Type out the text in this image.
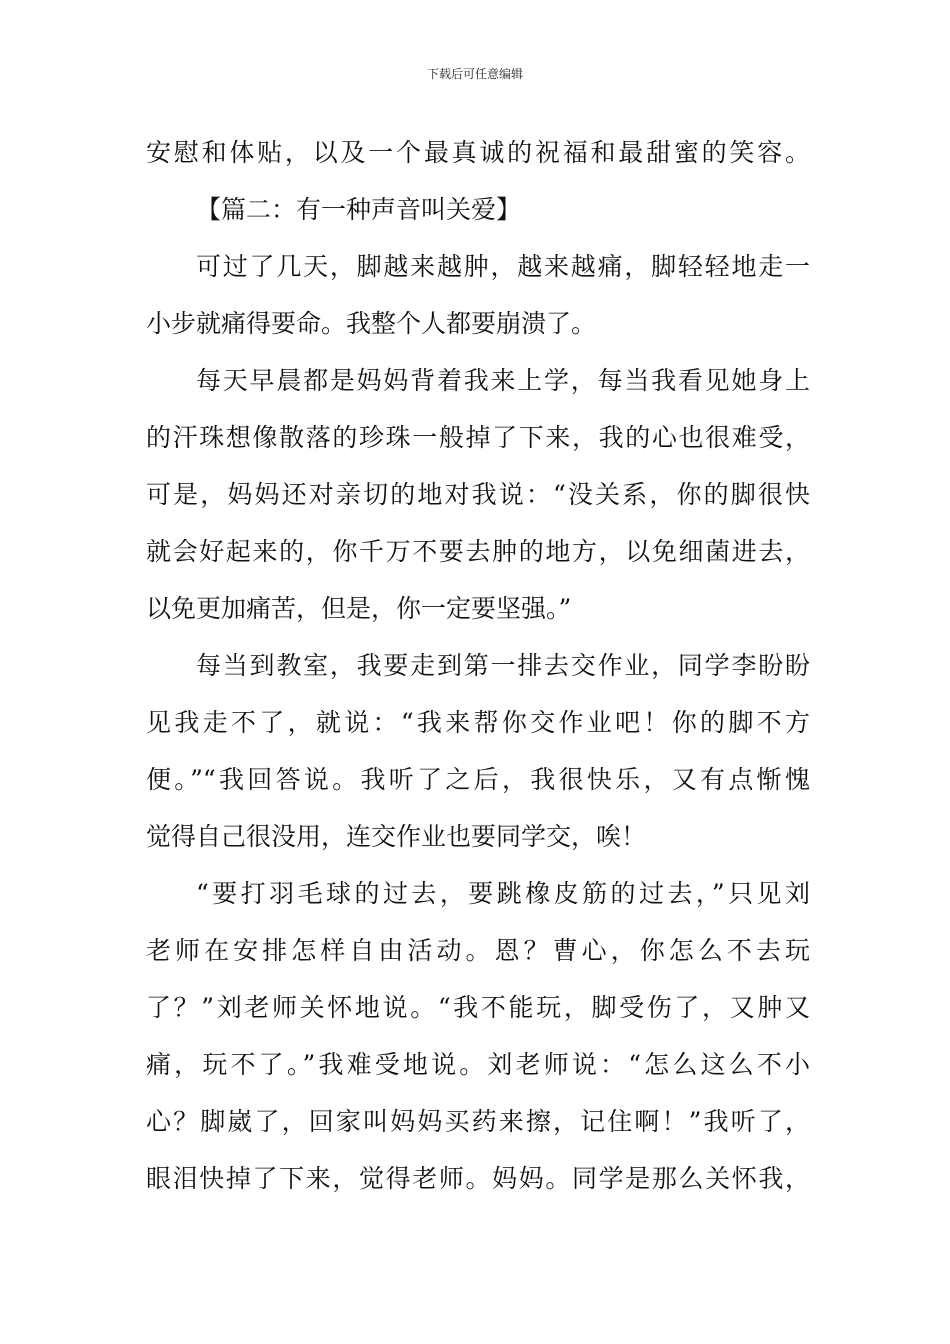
下载后可任意编辑
安慰和体贴，以及一个最真诚的祝福和最甜蜜的笑容。
【篇二：有一种声音叫关爱】
可过了几天，脚越来越肿，越来越痛，脚轻轻地走一
小步就痛得要命。我整个人都要崩溃了。
每天早晨都是妈妈背着我来上学，每当我看见她身上
的汗珠想像散落的珍珠一般掉了下来，我的心也很难受，
可是，妈妈还对亲切的地对我说：“没关系，你的脚很快
就会好起来的，你千万不要去肿的地方，以免细菌进去，
以免更加痛苦，但是，你一定要坚强。”
每当到教室，我要走到第一排去交作业，同学李盼盼
见我走不了，就说：“我来帮你交作业吧！你的脚不方
便。”“我回答说。我听了之后，我很快乐，又有点惭愧
觉得自己很没用，连交作业也要同学交，唉！
“要打羽毛球的过去，要跳橡皮筋的过去，”只见刘
老师在安排怎样自由活动。恩？曹心，你怎么不去玩
了？”刘老师关怀地说。“我不能玩，脚受伤了，又肿又
痛，玩不了。”我难受地说。刘老师说：“怎么这么不小
心？脚崴了，回家叫妈妈买药来擦，记住啊！”我听了，
眼泪快掉了下来，觉得老师。妈妈。同学是那么关怀我，
